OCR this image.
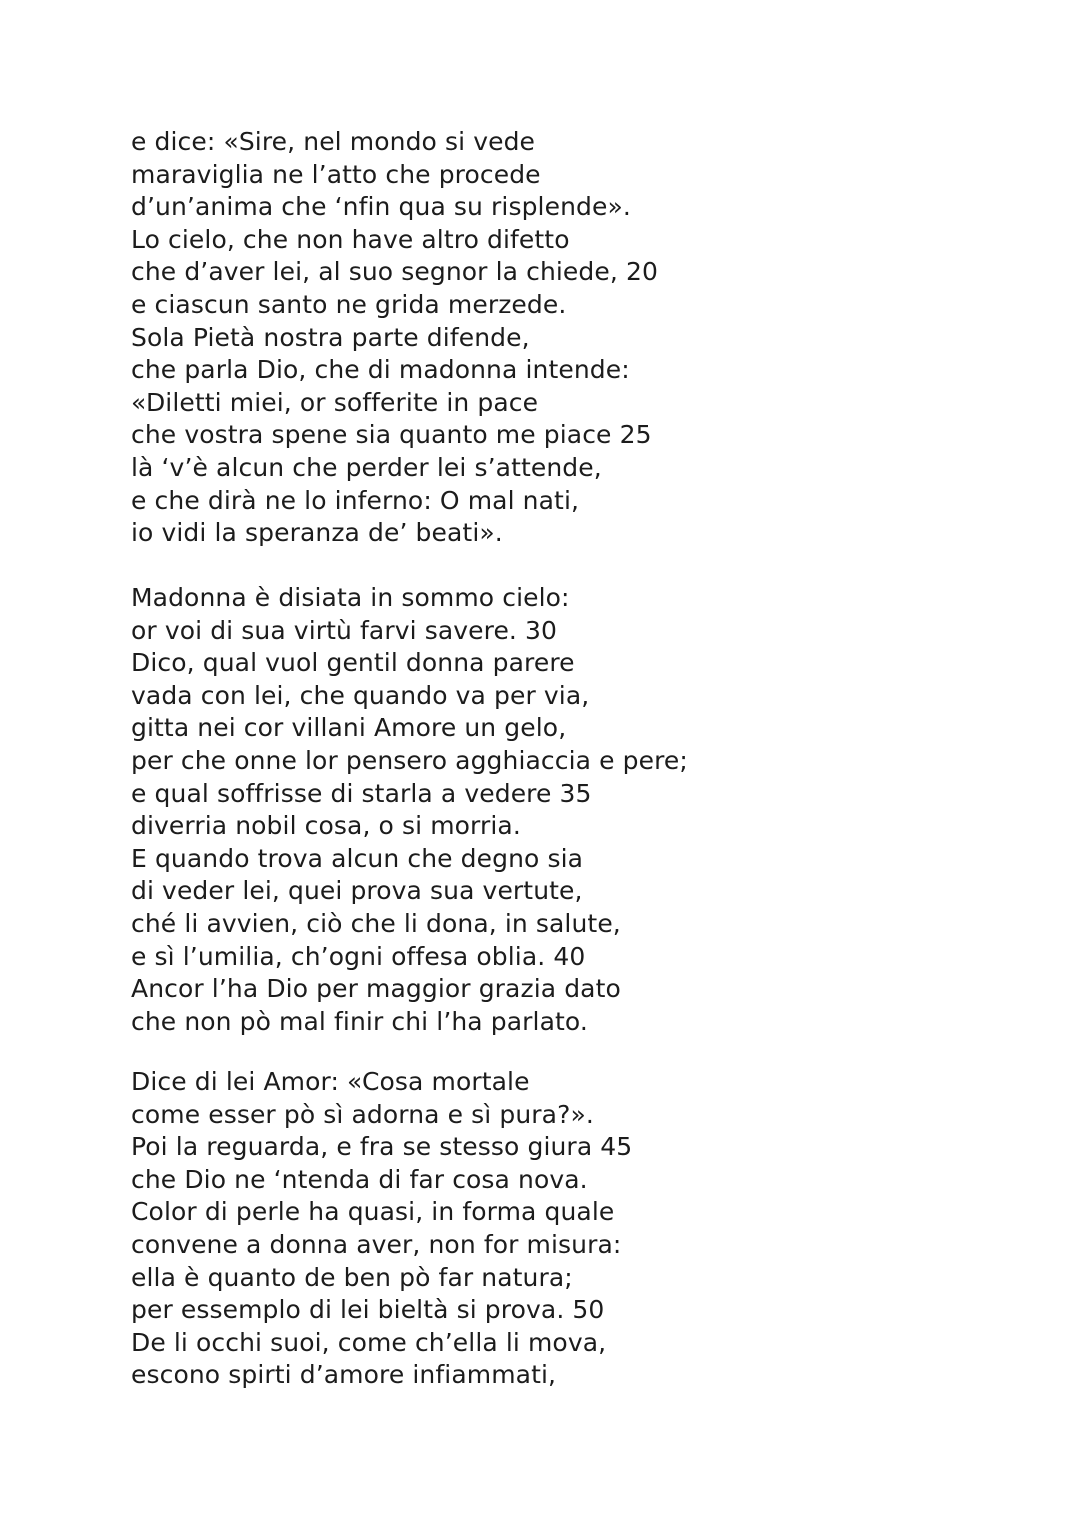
e dice: «Sire, nel mondo si vede
maraviglia ne l’atto che procede
d’un’anima che ‘nfin qua su risplende».
Lo cielo, che non have altro difetto
che d’aver lei, al suo segnor la chiede, 20
e ciascun santo ne grida merzede.
Sola Pietà nostra parte difende,
che parla Dio, che di madonna intende:
«Diletti miei, or sofferite in pace
che vostra spene sia quanto me piace 25
là ‘v’è alcun che perder lei s’attende,
e che dirà ne lo inferno: O mal nati,
io vidi la speranza de’ beati».
Madonna è disiata in sommo cielo:
or voi di sua virtù farvi savere. 30
Dico, qual vuol gentil donna parere
vada con lei, che quando va per via,
gitta nei cor villani Amore un gelo,
per che onne lor pensero agghiaccia e pere;
e qual soffrisse di starla a vedere 35
diverria nobil cosa, o si morria.
E quando trova alcun che degno sia
di veder lei, quei prova sua vertute,
ché li avvien, ciò che li dona, in salute,
e sì l’umilia, ch’ogni offesa oblia. 40
Ancor l’ha Dio per maggior grazia dato
che non pò mal finir chi l’ha parlato.
Dice di lei Amor: «Cosa mortale
come esser pò sì adorna e sì pura?».
Poi la reguarda, e fra se stesso giura 45
che Dio ne ‘ntenda di far cosa nova.
Color di perle ha quasi, in forma quale
convene a donna aver, non for misura:
ella è quanto de ben pò far natura;
per essemplo di lei bieltà si prova. 50
De li occhi suoi, come ch’ella li mova,
escono spirti d’amore infiammati,
